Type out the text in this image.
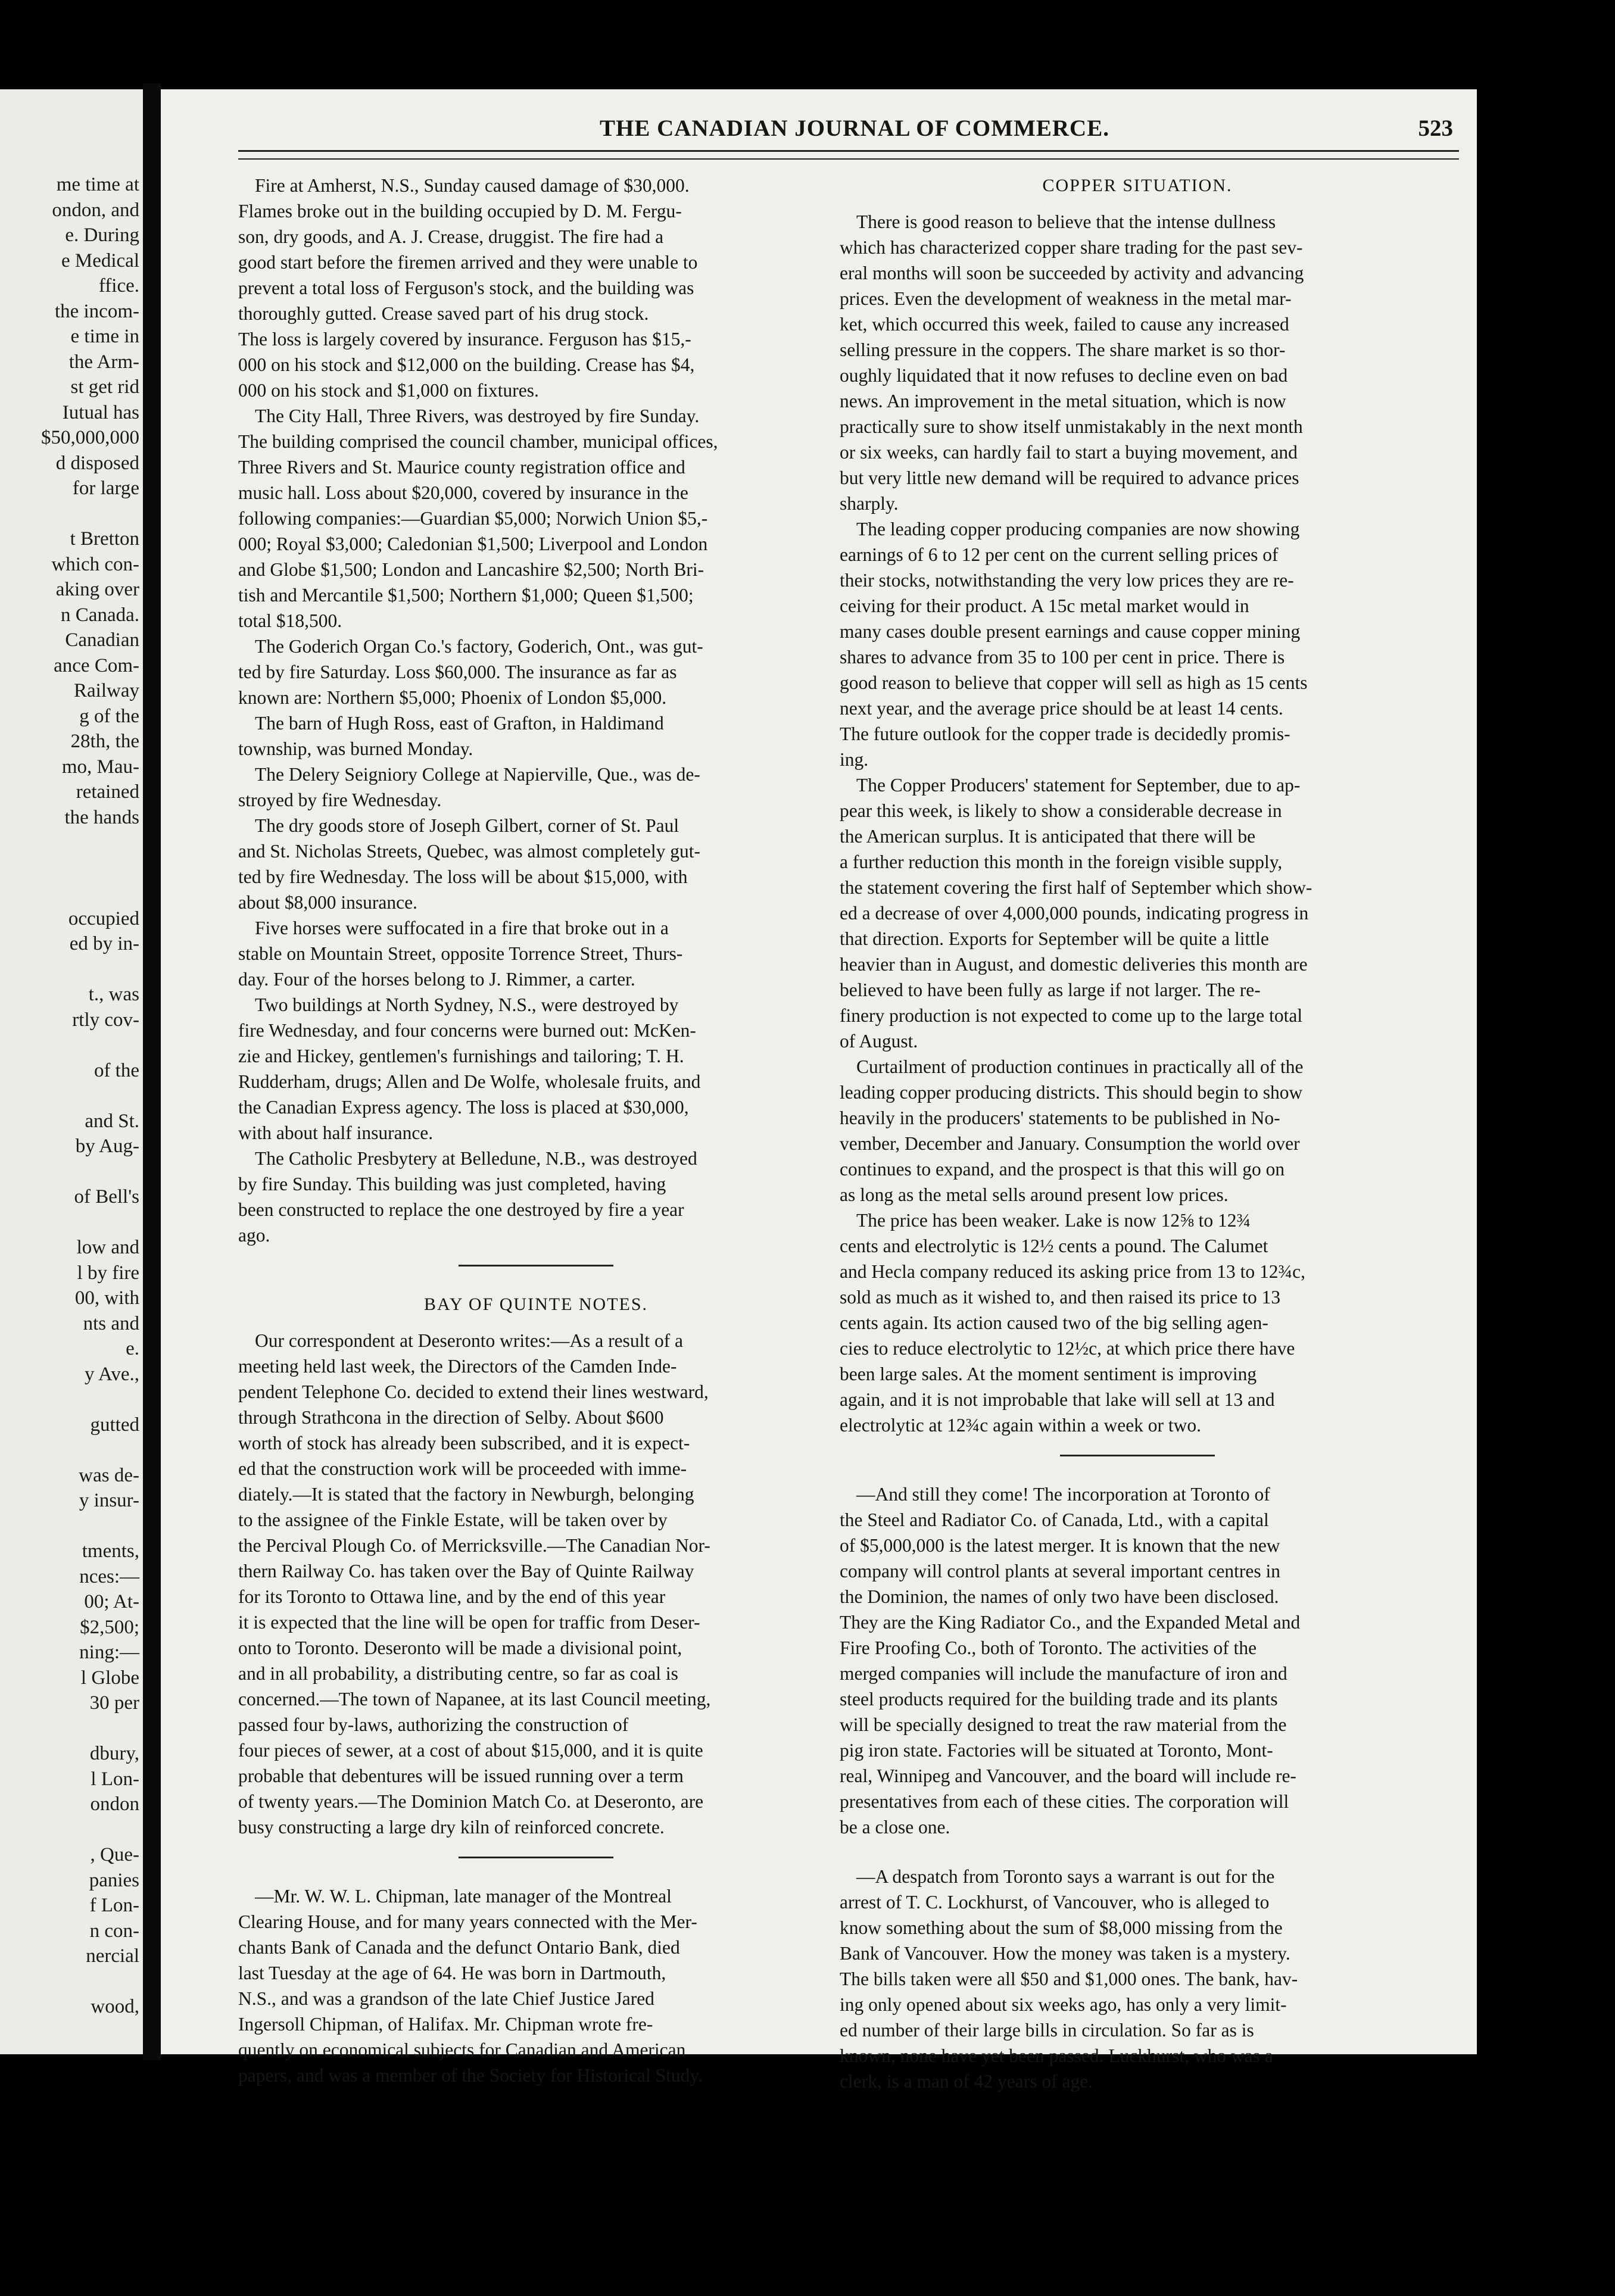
me time at
ondon, and
e. During
e Medical
ffice.
the incom-
e time in
the Arm-
st get rid
Iutual has
$50,000,000
d disposed
for large
t Bretton
which con-
aking over
n Canada.
Canadian
ance Com-
Railway
g of the
28th, the
mo, Mau-
retained
the hands
occupied
ed by in-
t., was
rtly cov-
of the
and St.
by Aug-
of Bell's
low and
l by fire
00, with
nts and
e.
y Ave.,
gutted
was de-
y insur-
tments,
nces:—
00; At-
$2,500;
ning:—
l Globe
30 per
dbury,
l Lon-
ondon
, Que-
panies
f Lon-
n con-
nercial
wood,
THE CANADIAN JOURNAL OF COMMERCE.	523
Fire at Amherst, N.S., Sunday caused damage of $30,000.
Flames broke out in the building occupied by D. M. Fergu-
son, dry goods, and A. J. Crease, druggist. The fire had a
good start before the firemen arrived and they were unable to
prevent a total loss of Ferguson's stock, and the building was
thoroughly gutted. Crease saved part of his drug stock.
The loss is largely covered by insurance. Ferguson has $15,-
000 on his stock and $12,000 on the building. Crease has $4,
000 on his stock and $1,000 on fixtures.
The City Hall, Three Rivers, was destroyed by fire Sunday.
The building comprised the council chamber, municipal offices,
Three Rivers and St. Maurice county registration office and
music hall. Loss about $20,000, covered by insurance in the
following companies:—Guardian $5,000; Norwich Union $5,-
000; Royal $3,000; Caledonian $1,500; Liverpool and London
and Globe $1,500; London and Lancashire $2,500; North Bri-
tish and Mercantile $1,500; Northern $1,000; Queen $1,500;
total $18,500.
The Goderich Organ Co.'s factory, Goderich, Ont., was gut-
ted by fire Saturday. Loss $60,000. The insurance as far as
known are: Northern $5,000; Phoenix of London $5,000.
The barn of Hugh Ross, east of Grafton, in Haldimand
township, was burned Monday.
The Delery Seigniory College at Napierville, Que., was de-
stroyed by fire Wednesday.
The dry goods store of Joseph Gilbert, corner of St. Paul
and St. Nicholas Streets, Quebec, was almost completely gut-
ted by fire Wednesday. The loss will be about $15,000, with
about $8,000 insurance.
Five horses were suffocated in a fire that broke out in a
stable on Mountain Street, opposite Torrence Street, Thurs-
day. Four of the horses belong to J. Rimmer, a carter.
Two buildings at North Sydney, N.S., were destroyed by
fire Wednesday, and four concerns were burned out: McKen-
zie and Hickey, gentlemen's furnishings and tailoring; T. H.
Rudderham, drugs; Allen and De Wolfe, wholesale fruits, and
the Canadian Express agency. The loss is placed at $30,000,
with about half insurance.
The Catholic Presbytery at Belledune, N.B., was destroyed
by fire Sunday. This building was just completed, having
been constructed to replace the one destroyed by fire a year
ago.
BAY OF QUINTE NOTES.
Our correspondent at Deseronto writes:—As a result of a
meeting held last week, the Directors of the Camden Inde-
pendent Telephone Co. decided to extend their lines westward,
through Strathcona in the direction of Selby. About $600
worth of stock has already been subscribed, and it is expect-
ed that the construction work will be proceeded with imme-
diately.—It is stated that the factory in Newburgh, belonging
to the assignee of the Finkle Estate, will be taken over by
the Percival Plough Co. of Merricksville.—The Canadian Nor-
thern Railway Co. has taken over the Bay of Quinte Railway
for its Toronto to Ottawa line, and by the end of this year
it is expected that the line will be open for traffic from Deser-
onto to Toronto. Deseronto will be made a divisional point,
and in all probability, a distributing centre, so far as coal is
concerned.—The town of Napanee, at its last Council meeting,
passed four by-laws, authorizing the construction of
four pieces of sewer, at a cost of about $15,000, and it is quite
probable that debentures will be issued running over a term
of twenty years.—The Dominion Match Co. at Deseronto, are
busy constructing a large dry kiln of reinforced concrete.
—Mr. W. W. L. Chipman, late manager of the Montreal
Clearing House, and for many years connected with the Mer-
chants Bank of Canada and the defunct Ontario Bank, died
last Tuesday at the age of 64. He was born in Dartmouth,
N.S., and was a grandson of the late Chief Justice Jared
Ingersoll Chipman, of Halifax. Mr. Chipman wrote fre-
quently on economical subjects for Canadian and American
papers, and was a member of the Society for Historical Study.
COPPER SITUATION.
There is good reason to believe that the intense dullness
which has characterized copper share trading for the past sev-
eral months will soon be succeeded by activity and advancing
prices. Even the development of weakness in the metal mar-
ket, which occurred this week, failed to cause any increased
selling pressure in the coppers. The share market is so thor-
oughly liquidated that it now refuses to decline even on bad
news. An improvement in the metal situation, which is now
practically sure to show itself unmistakably in the next month
or six weeks, can hardly fail to start a buying movement, and
but very little new demand will be required to advance prices
sharply.
The leading copper producing companies are now showing
earnings of 6 to 12 per cent on the current selling prices of
their stocks, notwithstanding the very low prices they are re-
ceiving for their product. A 15c metal market would in
many cases double present earnings and cause copper mining
shares to advance from 35 to 100 per cent in price. There is
good reason to believe that copper will sell as high as 15 cents
next year, and the average price should be at least 14 cents.
The future outlook for the copper trade is decidedly promis-
ing.
The Copper Producers' statement for September, due to ap-
pear this week, is likely to show a considerable decrease in
the American surplus. It is anticipated that there will be
a further reduction this month in the foreign visible supply,
the statement covering the first half of September which show-
ed a decrease of over 4,000,000 pounds, indicating progress in
that direction. Exports for September will be quite a little
heavier than in August, and domestic deliveries this month are
believed to have been fully as large if not larger. The re-
finery production is not expected to come up to the large total
of August.
Curtailment of production continues in practically all of the
leading copper producing districts. This should begin to show
heavily in the producers' statements to be published in No-
vember, December and January. Consumption the world over
continues to expand, and the prospect is that this will go on
as long as the metal sells around present low prices.
The price has been weaker. Lake is now 12⅝ to 12¾
cents and electrolytic is 12½ cents a pound. The Calumet
and Hecla company reduced its asking price from 13 to 12¾c,
sold as much as it wished to, and then raised its price to 13
cents again. Its action caused two of the big selling agen-
cies to reduce electrolytic to 12½c, at which price there have
been large sales. At the moment sentiment is improving
again, and it is not improbable that lake will sell at 13 and
electrolytic at 12¾c again within a week or two.
—And still they come! The incorporation at Toronto of
the Steel and Radiator Co. of Canada, Ltd., with a capital
of $5,000,000 is the latest merger. It is known that the new
company will control plants at several important centres in
the Dominion, the names of only two have been disclosed.
They are the King Radiator Co., and the Expanded Metal and
Fire Proofing Co., both of Toronto. The activities of the
merged companies will include the manufacture of iron and
steel products required for the building trade and its plants
will be specially designed to treat the raw material from the
pig iron state. Factories will be situated at Toronto, Mont-
real, Winnipeg and Vancouver, and the board will include re-
presentatives from each of these cities. The corporation will
be a close one.
—A despatch from Toronto says a warrant is out for the
arrest of T. C. Lockhurst, of Vancouver, who is alleged to
know something about the sum of $8,000 missing from the
Bank of Vancouver. How the money was taken is a mystery.
The bills taken were all $50 and $1,000 ones. The bank, hav-
ing only opened about six weeks ago, has only a very limit-
ed number of their large bills in circulation. So far as is
known, none have yet been passed. Luckhurst, who was a
clerk, is a man of 42 years of age.
